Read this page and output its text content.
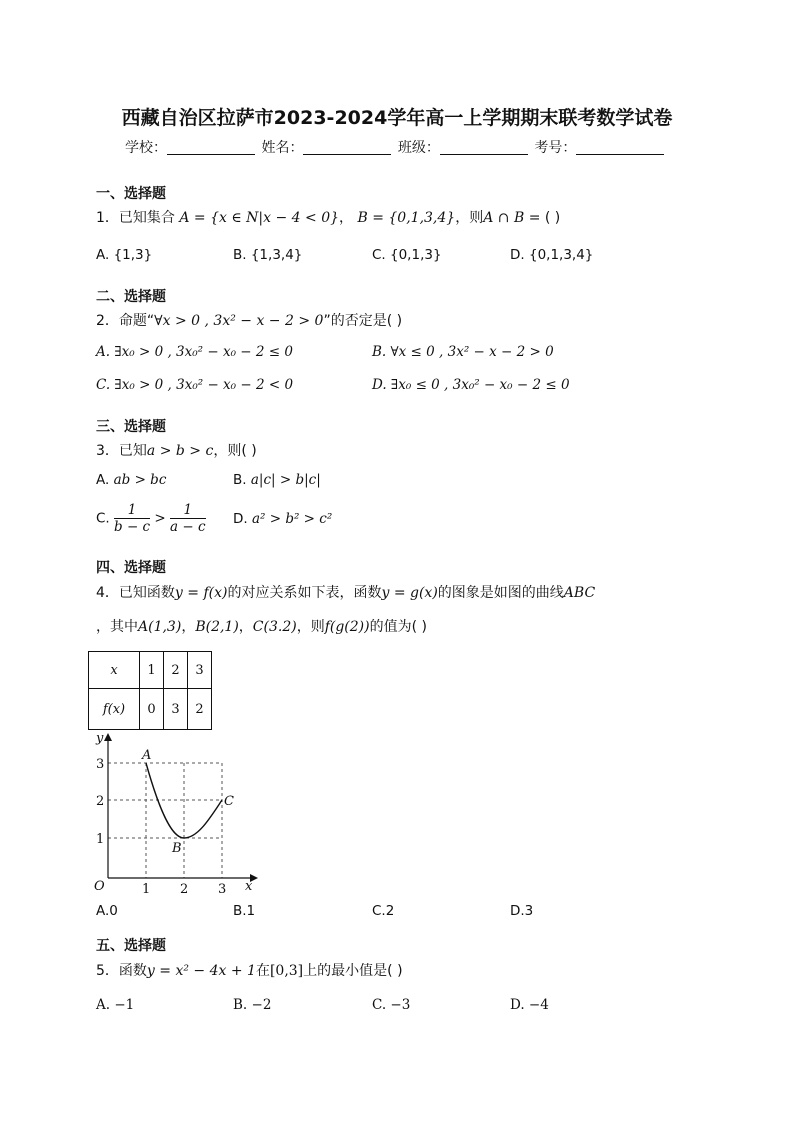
西藏自治区拉萨市2023-2024学年高一上学期期末联考数学试卷
学校：	姓名：	班级：	考号：
一、选择题
1．已知集合 A = {x ∈ N|x − 4 < 0}， B = {0,1,3,4}，则A ∩ B = ( )
A. {1,3}	B. {1,3,4}	C. {0,1,3}	D. {0,1,3,4}
二、选择题
2．命题“∀x > 0 , 3x² − x − 2 > 0”的否定是( )
A. ∃x₀ > 0 , 3x₀² − x₀ − 2 ≤ 0	B. ∀x ≤ 0 , 3x² − x − 2 > 0
C. ∃x₀ > 0 , 3x₀² − x₀ − 2 < 0	D. ∃x₀ ≤ 0 , 3x₀² − x₀ − 2 ≤ 0
三、选择题
3．已知a > b > c，则( )
A. ab > bc	B. a|c| > b|c|
C. $\frac{1}{b - c} > \frac{1}{a - c} D$. a² > b² > c²
四、选择题
4．已知函数y = f(x)的对应关系如下表，函数y = g(x)的图象是如图的曲线ABC
，其中A(1,3)，B(2,1)，C(3.2)，则f(g(2))的值为( )
x	1	2	3
f(x)	0	3	2
y
x
O	1 2 3
1
2
3
A
B
C
A.0	B.1	C.2	D.3
五、选择题
5．函数y = x² − 4x + 1在[0,3]上的最小值是( )
A. −1	B. −2	C. −3	D. −4
